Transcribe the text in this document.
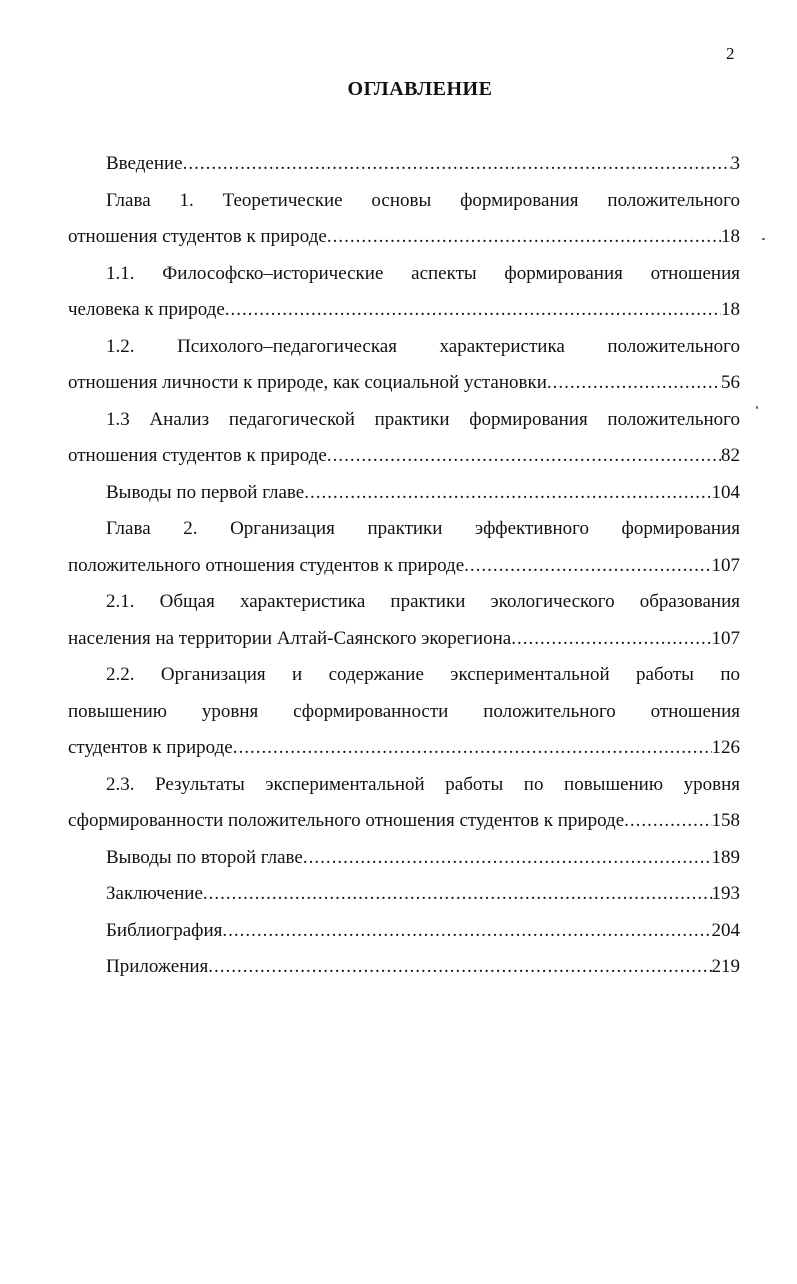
2
ОГЛАВЛЕНИЕ
Введение .....	3
Глава 1. Теоретические основы формирования положительного
отношения студентов к природе .....	18
1.1. Философско–исторические аспекты формирования отношения
человека к природе .....	18
1.2. Психолого–педагогическая характеристика положительного
отношения личности к природе, как социальной установки .....	56
1.3 Анализ педагогической практики формирования положительного
отношения студентов к природе .....	82
Выводы по первой главе .....	104
Глава 2. Организация практики эффективного формирования
положительного отношения студентов к природе .....	107
2.1. Общая характеристика практики экологического образования
населения на территории Алтай-Саянского экорегиона .....	107
2.2. Организация и содержание экспериментальной работы по
повышению уровня сформированности положительного отношения
студентов к природе .....	126
2.3. Результаты экспериментальной работы по повышению уровня
сформированности положительного отношения студентов к природе .....	158
Выводы по второй главе .....	189
Заключение .....	193
Библиография .....	204
Приложения .....	219
